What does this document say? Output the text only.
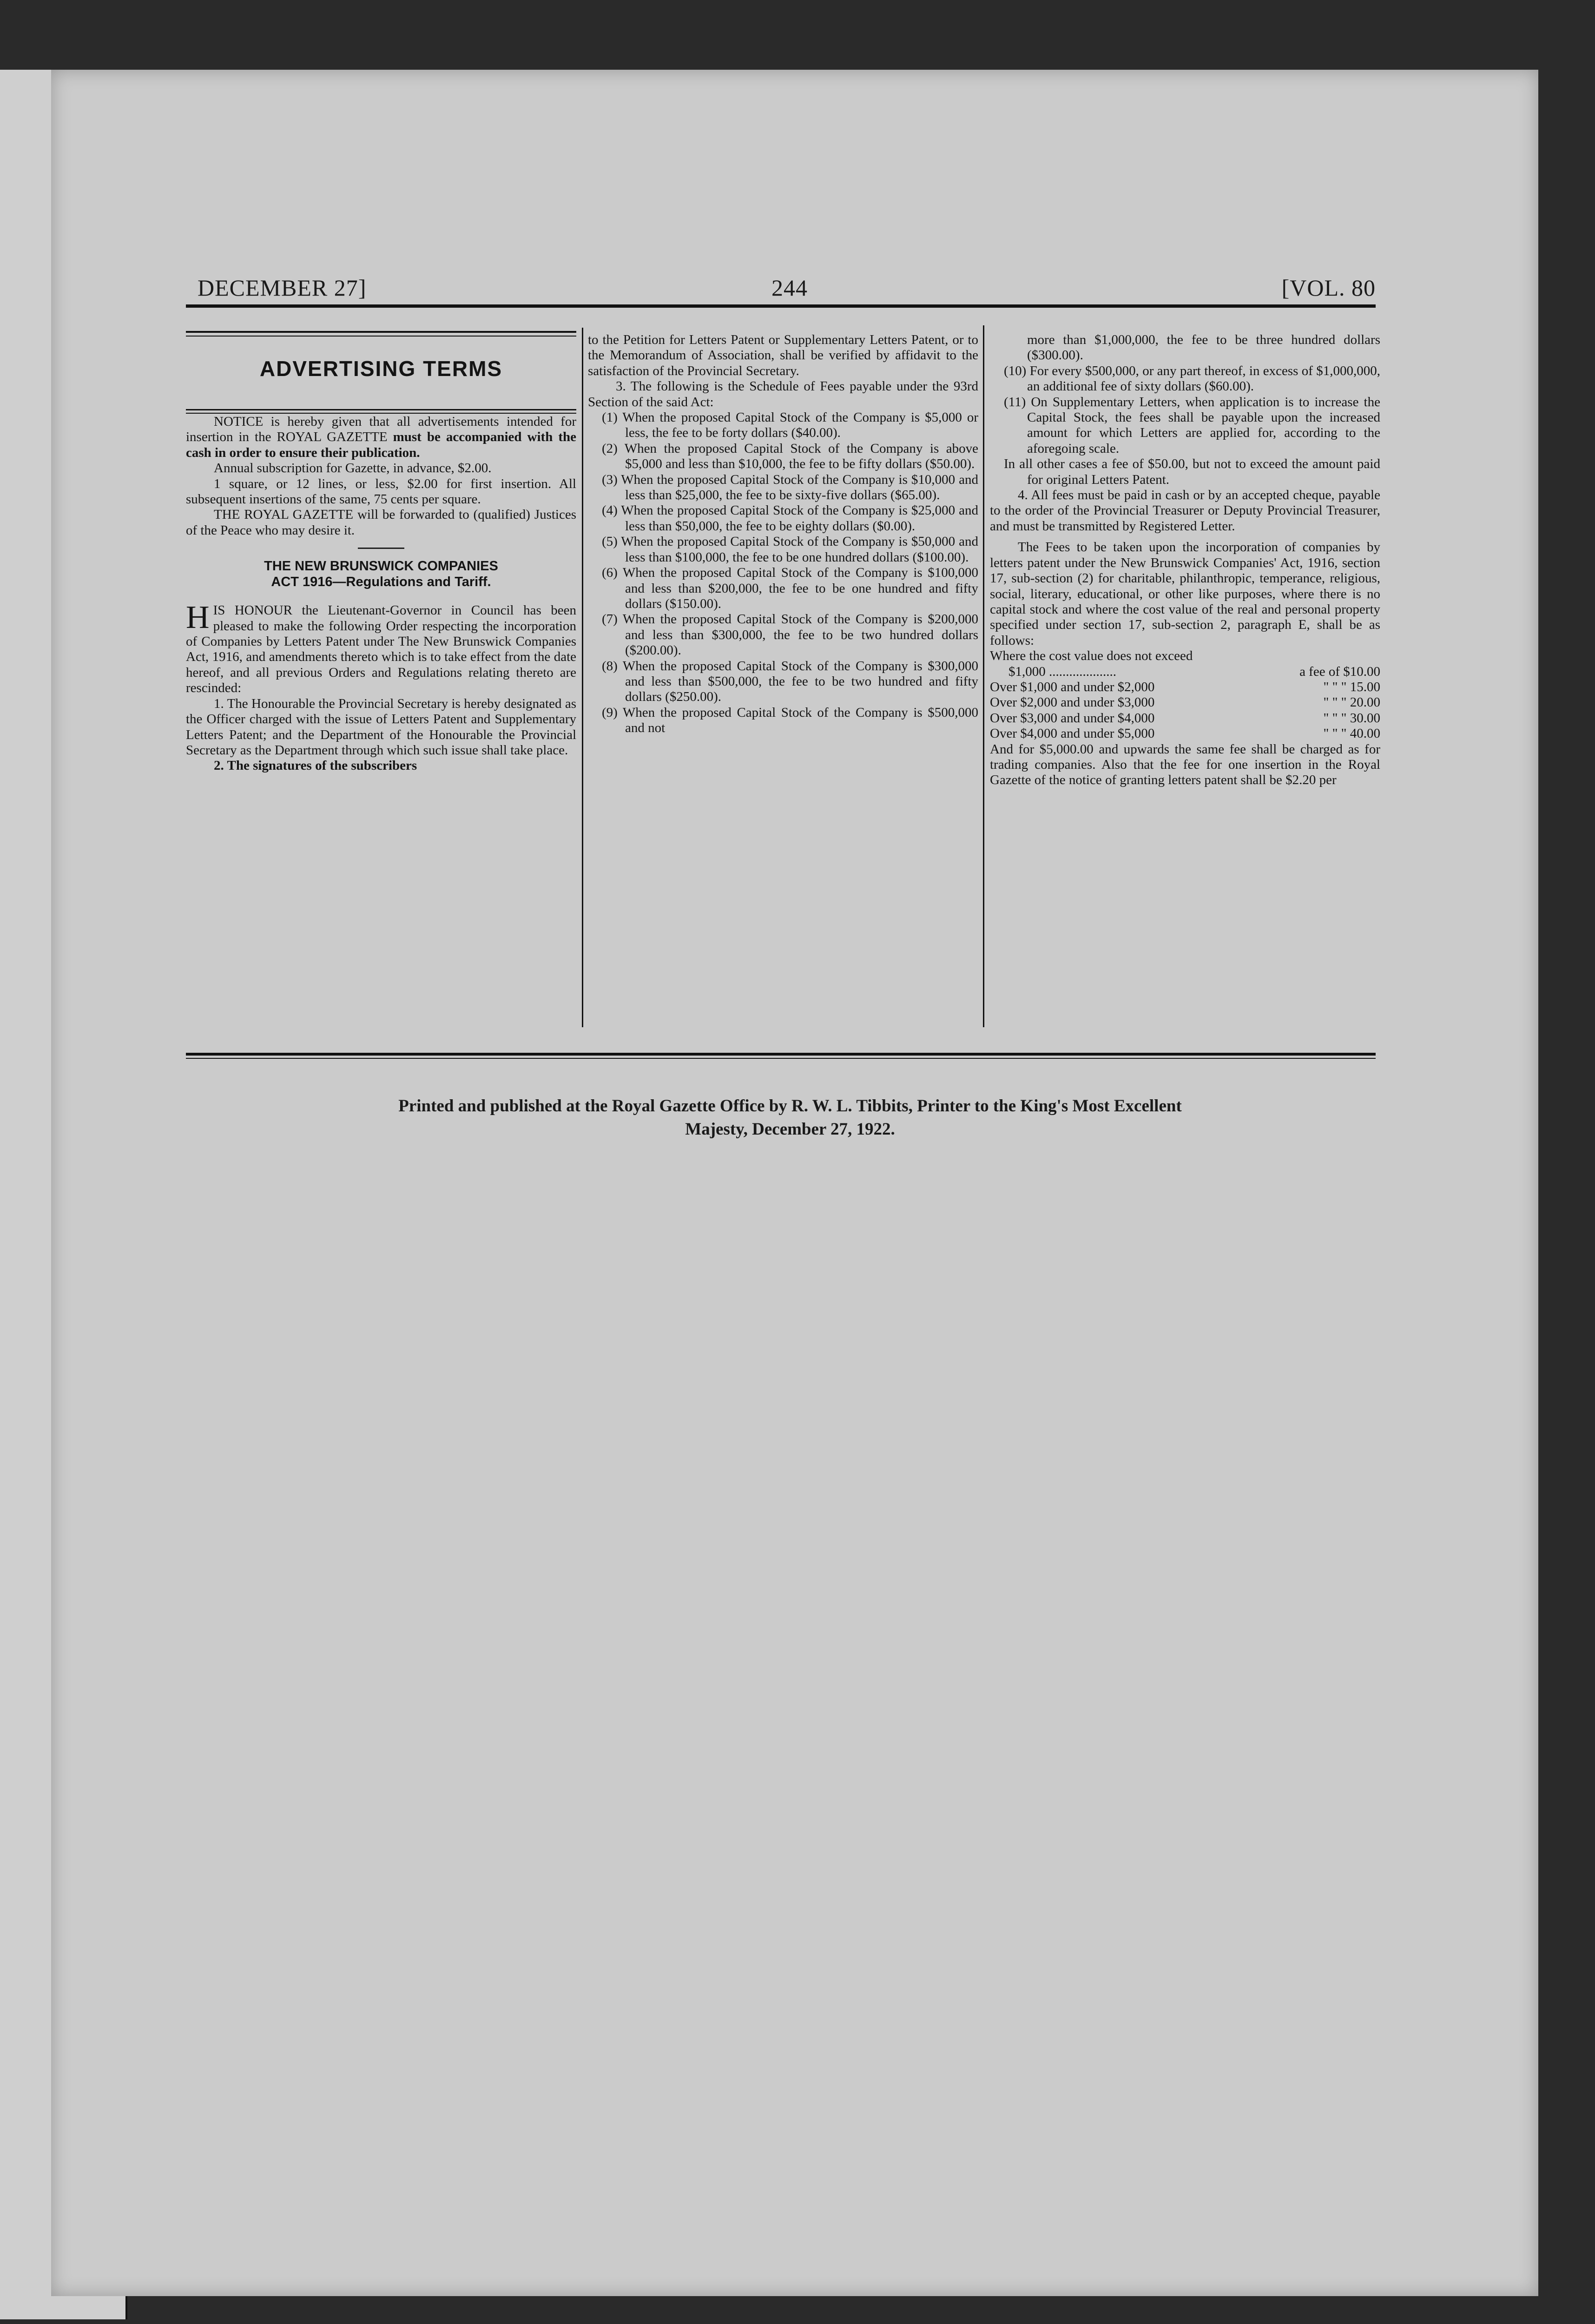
DECEMBER 27]	244	[VOL. 80
ADVERTISING TERMS

NOTICE is hereby given that all advertisements intended for insertion in the ROYAL GAZETTE must be accompanied with the cash in order to ensure their publication.

Annual subscription for Gazette, in advance, $2.00.

1 square, or 12 lines, or less, $2.00 for first insertion. All subsequent insertions of the same, 75 cents per square.

THE ROYAL GAZETTE will be forwarded to (qualified) Justices of the Peace who may desire it.

THE NEW BRUNSWICK COMPANIES
ACT 1916—Regulations and Tariff.

HIS HONOUR the Lieutenant-Governor in Council has been pleased to make the following Order respecting the incorporation of Companies by Letters Patent under The New Brunswick Companies Act, 1916, and amendments thereto which is to take effect from the date hereof, and all previous Orders and Regulations relating thereto are rescinded:

1. The Honourable the Provincial Secretary is hereby designated as the Officer charged with the issue of Letters Patent and Supplementary Letters Patent; and the Department of the Honourable the Provincial Secretary as the Department through which such issue shall take place.

2. The signatures of the subscribers

to the Petition for Letters Patent or Supplementary Letters Patent, or to the Memorandum of Association, shall be verified by affidavit to the satisfaction of the Provincial Secretary.

3. The following is the Schedule of Fees payable under the 93rd Section of the said Act:

(1) When the proposed Capital Stock of the Company is $5,000 or less, the fee to be forty dollars ($40.00).

(2) When the proposed Capital Stock of the Company is above $5,000 and less than $10,000, the fee to be fifty dollars ($50.00).

(3) When the proposed Capital Stock of the Company is $10,000 and less than $25,000, the fee to be sixty-five dollars ($65.00).

(4) When the proposed Capital Stock of the Company is $25,000 and less than $50,000, the fee to be eighty dollars ($0.00).

(5) When the proposed Capital Stock of the Company is $50,000 and less than $100,000, the fee to be one hundred dollars ($100.00).

(6) When the proposed Capital Stock of the Company is $100,000 and less than $200,000, the fee to be one hundred and fifty dollars ($150.00).

(7) When the proposed Capital Stock of the Company is $200,000 and less than $300,000, the fee to be two hundred dollars ($200.00).

(8) When the proposed Capital Stock of the Company is $300,000 and less than $500,000, the fee to be two hundred and fifty dollars ($250.00).

(9) When the proposed Capital Stock of the Company is $500,000 and not

more than $1,000,000, the fee to be three hundred dollars ($300.00).

(10) For every $500,000, or any part thereof, in excess of $1,000,000, an additional fee of sixty dollars ($60.00).

(11) On Supplementary Letters, when application is to increase the Capital Stock, the fees shall be payable upon the increased amount for which Letters are applied for, according to the aforegoing scale.

In all other cases a fee of $50.00, but not to exceed the amount paid for original Letters Patent.

4. All fees must be paid in cash or by an accepted cheque, payable to the order of the Provincial Treasurer or Deputy Provincial Treasurer, and must be transmitted by Registered Letter.

The Fees to be taken upon the incorporation of companies by letters patent under the New Brunswick Companies' Act, 1916, section 17, sub-section (2) for charitable, philanthropic, temperance, religious, social, literary, educational, or other like purposes, where there is no capital stock and where the cost value of the real and personal property specified under section 17, sub-section 2, paragraph E, shall be as follows:

Where the cost value does not exceed

$1,000 ....................	a fee of $10.00
Over $1,000 and under $2,000	" " " 15.00
Over $2,000 and under $3,000	" " " 20.00
Over $3,000 and under $4,000	" " " 30.00
Over $4,000 and under $5,000	" " " 40.00

And for $5,000.00 and upwards the same fee shall be charged as for trading companies. Also that the fee for one insertion in the Royal Gazette of the notice of granting letters patent shall be $2.20 per

Printed and published at the Royal Gazette Office by R. W. L. Tibbits, Printer to the King's Most Excellent
Majesty, December 27, 1922.
